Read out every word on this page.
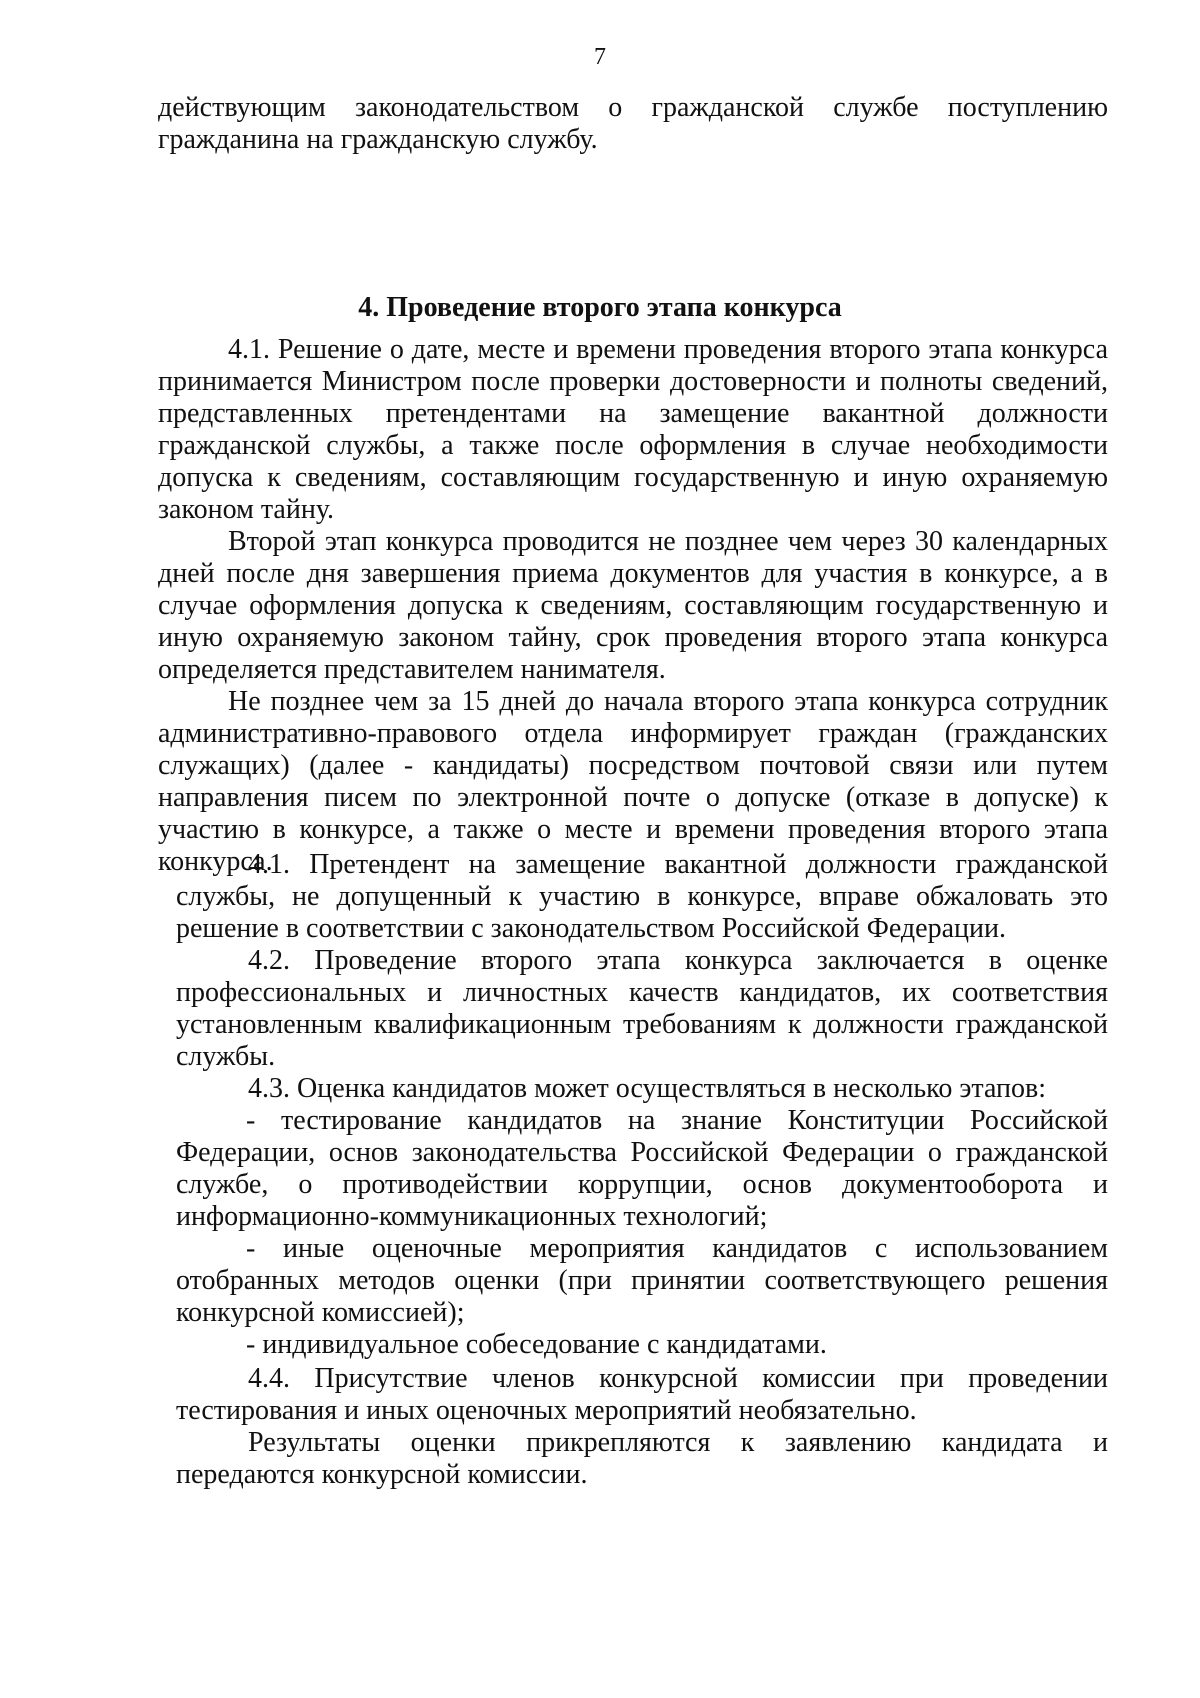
7
действующим законодательством о гражданской службе поступлению гражданина на гражданскую службу.
4. Проведение второго этапа конкурса
4.1. Решение о дате, месте и времени проведения второго этапа конкурса принимается Министром после проверки достоверности и полноты сведений, представленных претендентами на замещение вакантной должности гражданской службы, а также после оформления в случае необходимости допуска к сведениям, составляющим государственную и иную охраняемую законом тайну.
Второй этап конкурса проводится не позднее чем через 30 календарных дней после дня завершения приема документов для участия в конкурсе, а в случае оформления допуска к сведениям, составляющим государственную и иную охраняемую законом тайну, срок проведения второго этапа конкурса определяется представителем нанимателя.
Не позднее чем за 15 дней до начала второго этапа конкурса сотрудник административно-правового отдела информирует граждан (гражданских служащих) (далее - кандидаты) посредством почтовой связи или путем направления писем по электронной почте о допуске (отказе в допуске) к участию в конкурсе, а также о месте и времени проведения второго этапа конкурса.
4.1. Претендент на замещение вакантной должности гражданской службы, не допущенный к участию в конкурсе, вправе обжаловать это решение в соответствии с законодательством Российской Федерации.
4.2. Проведение второго этапа конкурса заключается в оценке профессиональных и личностных качеств кандидатов, их соответствия установленным квалификационным требованиям к должности гражданской службы.
4.3. Оценка кандидатов может осуществляться в несколько этапов:
- тестирование кандидатов на знание Конституции Российской Федерации, основ законодательства Российской Федерации о гражданской службе, о противодействии коррупции, основ документооборота и информационно-коммуникационных технологий;
- иные оценочные мероприятия кандидатов с использованием отобранных методов оценки (при принятии соответствующего решения конкурсной комиссией);
- индивидуальное собеседование с кандидатами.
4.4. Присутствие членов конкурсной комиссии при проведении тестирования и иных оценочных мероприятий необязательно.
Результаты оценки прикрепляются к заявлению кандидата и передаются конкурсной комиссии.
